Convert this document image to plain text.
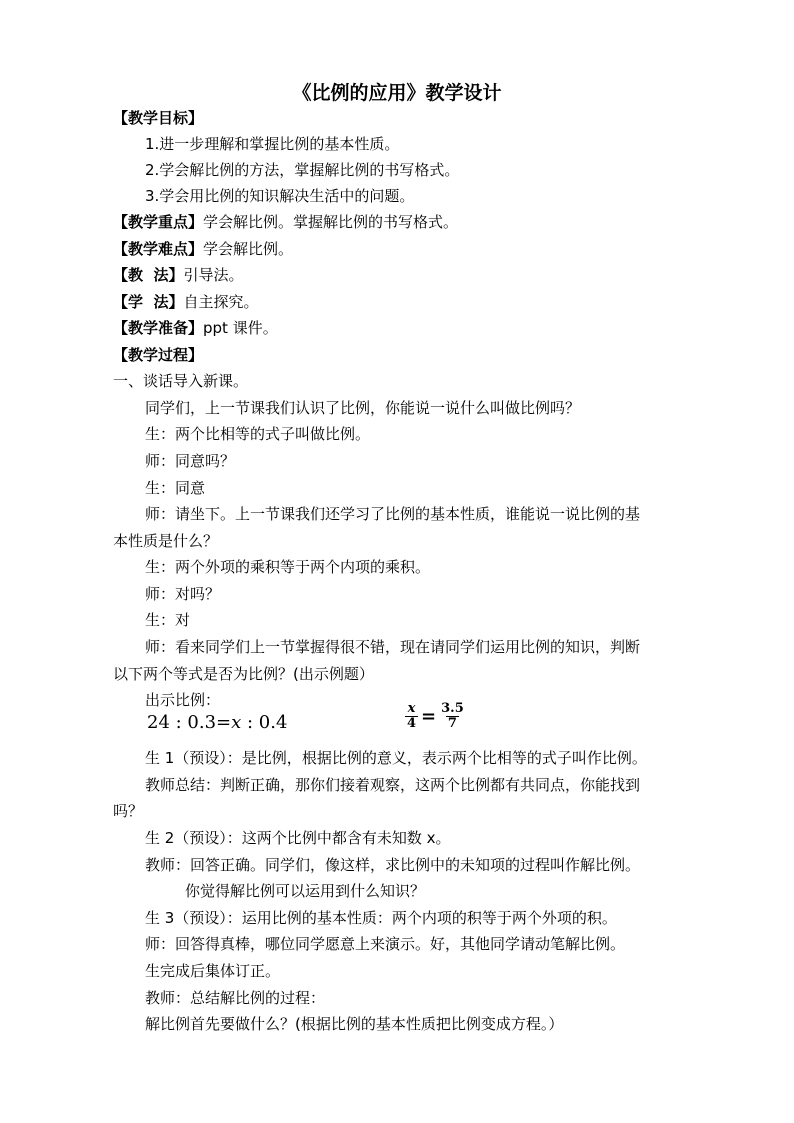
《比例的应用》教学设计
【教学目标】
1.进一步理解和掌握比例的基本性质。
2.学会解比例的方法，掌握解比例的书写格式。
3.学会用比例的知识解决生活中的问题。
【教学重点】学会解比例。掌握解比例的书写格式。
【教学难点】学会解比例。
【教  法】引导法。
【学  法】自主探究。
【教学准备】ppt 课件。
【教学过程】
一、谈话导入新课。
同学们，上一节课我们认识了比例，你能说一说什么叫做比例吗？
生：两个比相等的式子叫做比例。
师：同意吗？
生：同意
师：请坐下。上一节课我们还学习了比例的基本性质，谁能说一说比例的基
本性质是什么？
生：两个外项的乘积等于两个内项的乘积。
师：对吗？
生：对
师：看来同学们上一节掌握得很不错，现在请同学们运用比例的知识，判断
以下两个等式是否为比例？(出示例题）
出示比例：
24 : 0.3=x : 0.4	$\frac{x}{4} = \frac{3.5}{7}$
生 1（预设）：是比例，根据比例的意义，表示两个比相等的式子叫作比例。
教师总结：判断正确，那你们接着观察，这两个比例都有共同点，你能找到
吗？
生 2（预设）：这两个比例中都含有未知数 x。
教师：回答正确。同学们，像这样，求比例中的未知项的过程叫作解比例。
你觉得解比例可以运用到什么知识？
生 3（预设）：运用比例的基本性质：两个内项的积等于两个外项的积。
师：回答得真棒，哪位同学愿意上来演示。好，其他同学请动笔解比例。
生完成后集体订正。
教师：总结解比例的过程：
解比例首先要做什么？(根据比例的基本性质把比例变成方程。）
